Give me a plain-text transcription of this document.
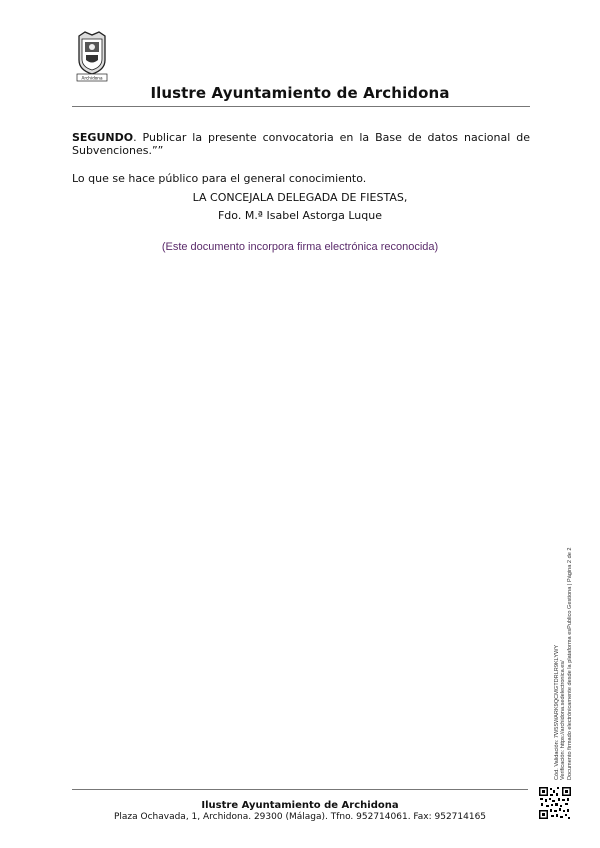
Archidona
Ilustre Ayuntamiento de Archidona
SEGUNDO. Publicar la presente convocatoria en la Base de datos nacional de Subvenciones.””
Lo que se hace público para el general conocimiento.
LA CONCEJALA DELEGADA DE FIESTAS,
Fdo. M.ª Isabel Astorga Luque
(Este documento incorpora firma electrónica reconocida)
Cód. Validación: 7W5SWARK9QCMGTDRLR9KLYWY Verificación: https://archidona.sedelectronica.es/ Documento firmado electrónicamente desde la plataforma esPublico Gestiona | Página 2 de 2
Ilustre Ayuntamiento de Archidona
Plaza Ochavada, 1, Archidona. 29300 (Málaga). Tfno. 952714061. Fax: 952714165
